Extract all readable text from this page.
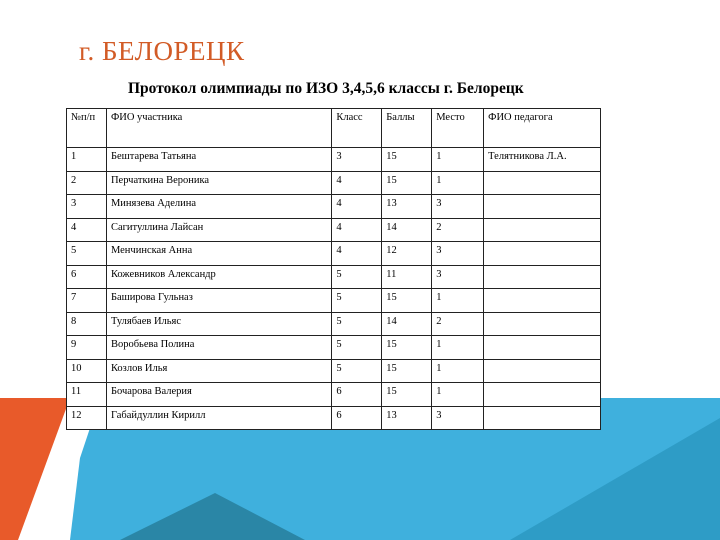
г. БЕЛОРЕЦК
Протокол олимпиады по ИЗО 3,4,5,6 классы г. Белорецк
№п/п	ФИО участника	Класс	Баллы	Место	ФИО педагога
1	Бештарева Татьяна	3	15	1	Телятникова Л.А.
2	Перчаткина Вероника	4	15	1	
3	Минязева Аделина	4	13	3	
4	Сагитуллина Лайсан	4	14	2	
5	Менчинская Анна	4	12	3	
6	Кожевников Александр	5	11	3	
7	Баширова Гульназ	5	15	1	
8	Тулябаев Ильяс	5	14	2	
9	Воробьева Полина	5	15	1	
10	Козлов Илья	5	15	1	
11	Бочарова Валерия	6	15	1	
12	Габайдуллин Кирилл	6	13	3	
